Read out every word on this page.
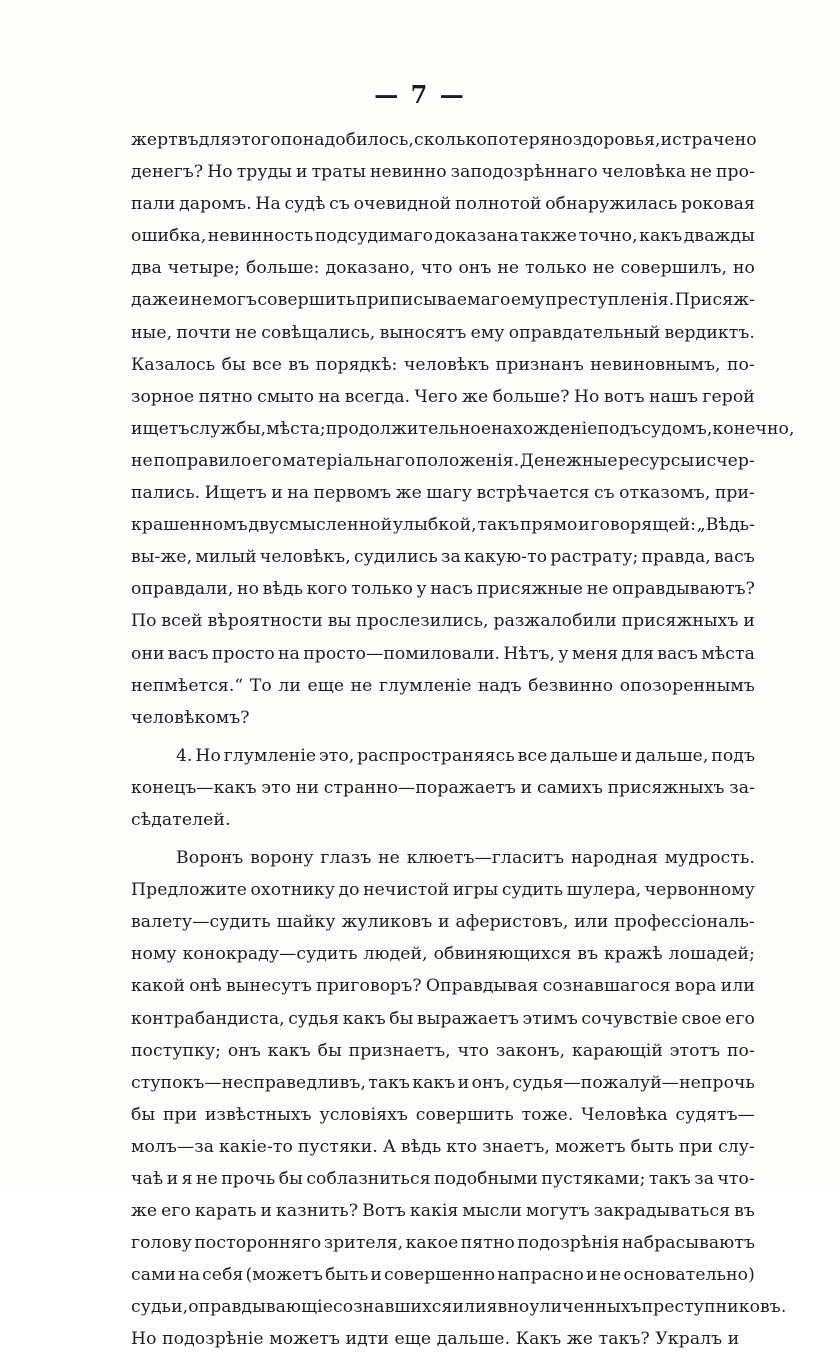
— 7 —
жертвъ для этого понадобилось, сколько потеряно здоровья, истрачено
денегъ? Но труды и траты невинно заподозрѣннаго человѣка не про-
пали даромъ. На судѣ съ очевидной полнотой обнаружилась роковая
ошибка, невинность подсудимаго доказана также точно, какъ дважды
два четыре; больше: доказано, что онъ не только не совершилъ, но
даже и не могъ совершить приписываемаго ему преступленія. Присяж-
ные, почти не совѣщались, выносятъ ему оправдательный вердиктъ.
Казалось бы все въ порядкѣ: человѣкъ признанъ невиновнымъ, по-
зорное пятно смыто на всегда. Чего же больше? Но вотъ нашъ герой
ищетъ службы, мѣста; продолжительное нахожденіе подъ судомъ, конечно,
не поправило его матеріальнаго положенія. Денежные ресурсы исчер-
пались. Ищетъ и на первомъ же шагу встрѣчается съ отказомъ, при-
крашенномъ двусмысленной улыбкой, такъ прямо и говорящей: „Вѣдь-
вы-же, милый человѣкъ, судились за какую-то растрату; правда, васъ
оправдали, но вѣдь кого только у насъ присяжные не оправдываютъ?
По всей вѣроятности вы прослезились, разжалобили присяжныхъ и
они васъ просто на просто—помиловали. Нѣтъ, у меня для васъ мѣста
непмѣется.“ То ли еще не глумленіе надъ безвинно опозореннымъ
человѣкомъ?
4. Но глумленіе это, распространяясь все дальше и дальше, подъ
конецъ—какъ это ни странно—поражаетъ и самихъ присяжныхъ за-
сѣдателей.
Воронъ ворону глазъ не клюетъ—гласитъ народная мудрость.
Предложите охотнику до нечистой игры судить шулера, червонному
валету—судить шайку жуликовъ и аферистовъ, или профессіональ-
ному конокраду—судить людей, обвиняющихся въ кражѣ лошадей;
какой онѣ вынесутъ приговоръ? Оправдывая сознавшагося вора или
контрабандиста, судья какъ бы выражаетъ этимъ сочувствіе свое его
поступку; онъ какъ бы признаетъ, что законъ, карающій этотъ по-
ступокъ—несправедливъ, такъ какъ и онъ, судья—пожалуй—непрочь
бы при извѣстныхъ условіяхъ совершить тоже. Человѣка судятъ—
молъ—за какіе-то пустяки. А вѣдь кто знаетъ, можетъ быть при слу-
чаѣ и я не прочь бы соблазниться подобными пустяками; такъ за что-
же его карать и казнить? Вотъ какія мысли могутъ закрадываться въ
голову посторонняго зрителя, какое пятно подозрѣнія набрасываютъ
сами на себя (можетъ быть и совершенно напрасно и не основательно)
судьи, оправдывающіе сознавшихся или явно уличенныхъ преступниковъ.
Но подозрѣніе можетъ идти еще дальше. Какъ же такъ? Укралъ и
